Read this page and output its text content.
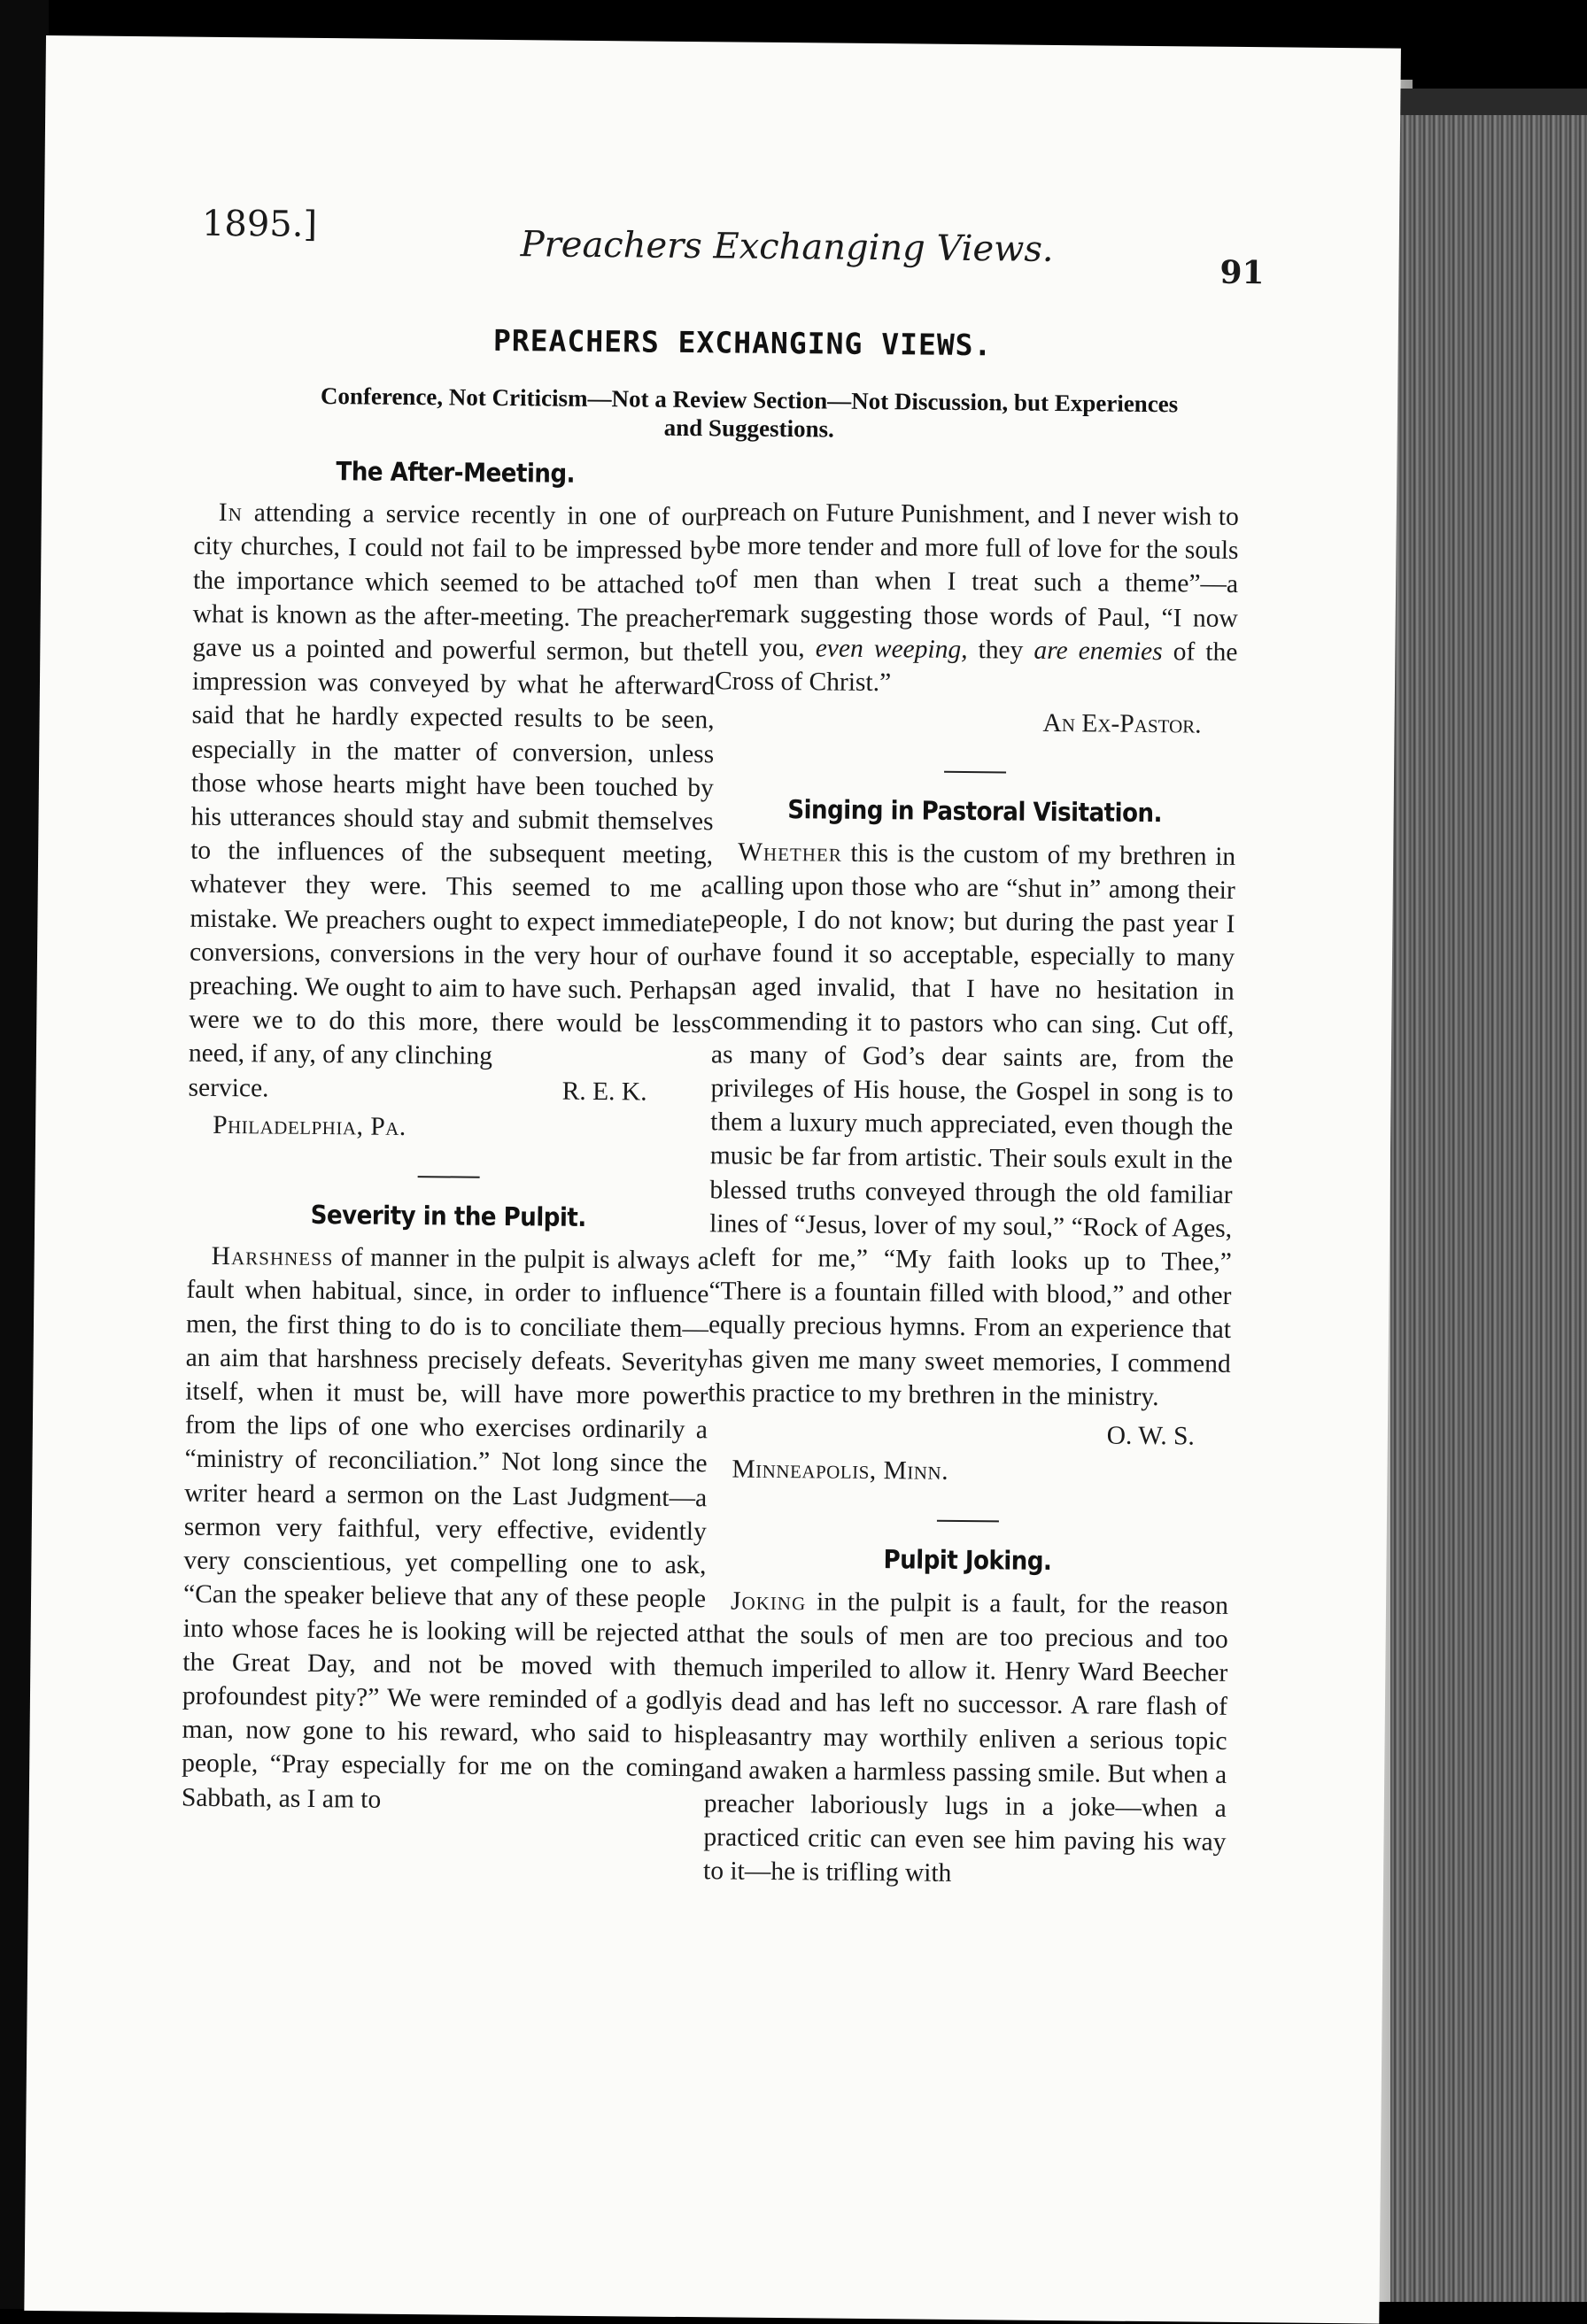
1895.]	Preachers Exchanging Views.
91
PREACHERS EXCHANGING VIEWS.
Conference, Not Criticism—Not a Review Section—Not Discussion, but Experiences
and Suggestions.
The After-Meeting.

In attending a service recently in one of our city churches, I could not fail to be impressed by the importance which seemed to be attached to what is known as the after-meeting. The preacher gave us a pointed and powerful sermon, but the impression was conveyed by what he afterward said that he hardly expected results to be seen, especially in the matter of conversion, unless those whose hearts might have been touched by his utterances should stay and submit themselves to the influences of the subsequent meeting, whatever they were. This seemed to me a mistake. We preachers ought to expect immediate conversions, conversions in the very hour of our preaching. We ought to aim to have such. Perhaps were we to do this more, there would be less need, if any, of any clinching

service.	R. E. K.

Philadelphia, Pa.

Severity in the Pulpit.

Harshness of manner in the pulpit is always a fault when habitual, since, in order to influence men, the first thing to do is to conciliate them—an aim that harshness precisely defeats. Severity itself, when it must be, will have more power from the lips of one who exercises ordinarily a “ministry of reconciliation.” Not long since the writer heard a sermon on the Last Judgment—a sermon very faithful, very effective, evidently very conscientious, yet compelling one to ask, “Can the speaker believe that any of these people into whose faces he is looking will be rejected at the Great Day, and not be moved with the profoundest pity?” We were reminded of a godly man, now gone to his reward, who said to his people, “Pray especially for me on the coming Sabbath, as I am to

preach on Future Punishment, and I never wish to be more tender and more full of love for the souls of men than when I treat such a theme”—a remark suggesting those words of Paul, “I now tell you, even weeping, they are enemies of the Cross of Christ.”

An Ex-Pastor.
Singing in Pastoral Visitation.

Whether this is the custom of my brethren in calling upon those who are “shut in” among their people, I do not know; but during the past year I have found it so acceptable, especially to many an aged invalid, that I have no hesitation in commending it to pastors who can sing. Cut off, as many of God’s dear saints are, from the privileges of His house, the Gospel in song is to them a luxury much appreciated, even though the music be far from artistic. Their souls exult in the blessed truths conveyed through the old familiar lines of “Jesus, lover of my soul,” “Rock of Ages, cleft for me,” “My faith looks up to Thee,” “There is a fountain filled with blood,” and other equally precious hymns. From an experience that has given me many sweet memories, I commend this practice to my brethren in the ministry.

O. W. S.

Minneapolis, Minn.

Pulpit Joking.

Joking in the pulpit is a fault, for the reason that the souls of men are too precious and too much imperiled to allow it. Henry Ward Beecher is dead and has left no successor. A rare flash of pleasantry may worthily enliven a serious topic and awaken a harmless passing smile. But when a preacher laboriously lugs in a joke—when a practiced critic can even see him paving his way to it—he is trifling with
